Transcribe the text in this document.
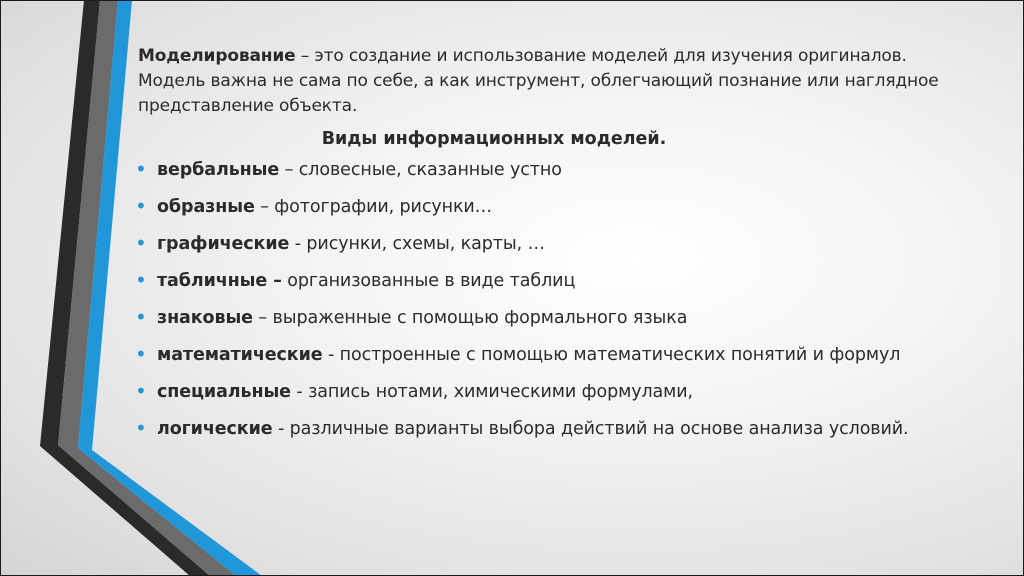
Моделирование – это создание и использование моделей для изучения оригиналов. Модель важна не сама по себе, а как инструмент, облегчающий познание или наглядное представление объекта.

Виды информационных моделей.
• вербальные – словесные, сказанные устно
• образные – фотографии, рисунки…
• графические - рисунки, схемы, карты, …
• табличные – организованные в виде таблиц
• знаковые – выраженные с помощью формального языка
• математические - построенные с помощью математических понятий и формул
• специальные - запись нотами, химическими формулами,
• логические - различные варианты выбора действий на основе анализа условий.
